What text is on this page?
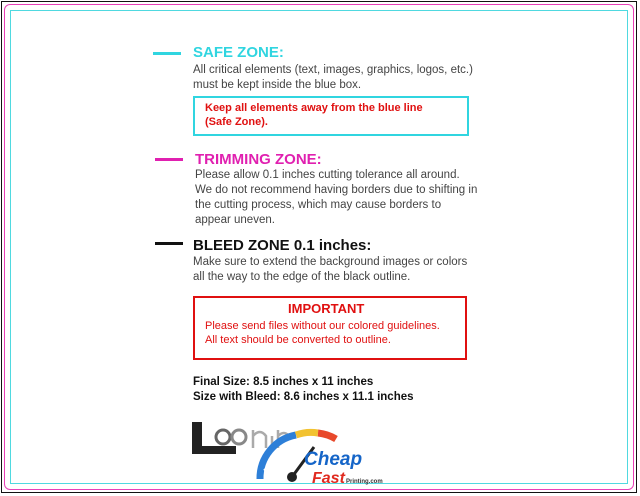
SAFE ZONE:
All critical elements (text, images, graphics, logos, etc.)
must be kept inside the blue box.
Keep all elements away from the blue line
(Safe Zone).
TRIMMING ZONE:
Please allow 0.1 inches cutting tolerance all around.
We do not recommend having borders due to shifting in
the cutting process, which may cause borders to
appear uneven.
BLEED ZONE 0.1 inches:
Make sure to extend the background images or colors
all the way to the edge of the black outline.
IMPORTANT
Please send files without our colored guidelines.
All text should be converted to outline.
Final Size: 8.5 inches x 11 inches
Size with Bleed: 8.6 inches x 11.1 inches
Cheap
Fast Printing.com
